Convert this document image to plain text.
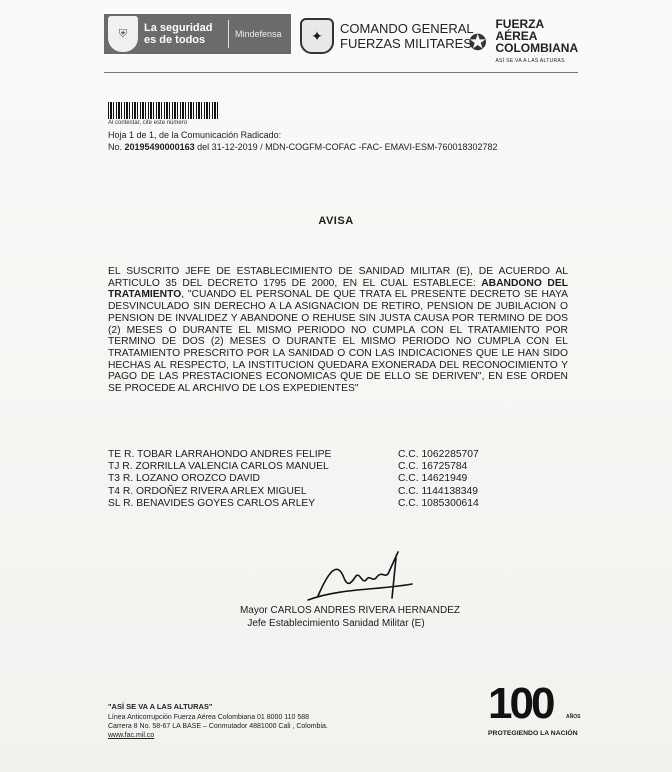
⛨	La seguridad
es de todos	Mindefensa	✦	COMANDO GENERAL
FUERZAS MILITARES
✪
FUERZA AÉREA
COLOMBIANA
ASÍ SE VA A LAS ALTURAS
Al contestar, cite este número
Hoja 1 de 1, de la Comunicación Radicado:
No. 20195490000163 del 31-12-2019 / MDN-COGFM-COFAC -FAC- EMAVI-ESM-760018302782
AVISA
EL SUSCRITO JEFE DE ESTABLECIMIENTO DE SANIDAD MILITAR (E), DE ACUERDO AL ARTICULO 35 DEL DECRETO 1795 DE 2000, EN EL CUAL ESTABLECE: ABANDONO DEL TRATAMIENTO, "CUANDO EL PERSONAL DE QUE TRATA EL PRESENTE DECRETO SE HAYA DESVINCULADO SIN DERECHO A LA ASIGNACION DE RETIRO, PENSION DE JUBILACION O PENSION DE INVALIDEZ Y ABANDONE O REHUSE SIN JUSTA CAUSA POR TERMINO DE DOS (2) MESES O DURANTE EL MISMO PERIODO NO CUMPLA CON EL TRATAMIENTO POR TERMINO DE DOS (2) MESES O DURANTE EL MISMO PERIODO NO CUMPLA CON EL TRATAMIENTO PRESCRITO POR LA SANIDAD O CON LAS INDICACIONES QUE LE HAN SIDO HECHAS AL RESPECTO, LA INSTITUCION QUEDARA EXONERADA DEL RECONOCIMIENTO Y PAGO DE LAS PRESTACIONES ECONOMICAS QUE DE ELLO SE DERIVEN", EN ESE ORDEN SE PROCEDE AL ARCHIVO DE LOS EXPEDIENTES"
TE R. TOBAR LARRAHONDO ANDRES FELIPE	C.C. 1062285707
TJ R. ZORRILLA VALENCIA CARLOS MANUEL	C.C. 16725784
T3 R. LOZANO OROZCO DAVID	C.C. 14621949
T4 R. ORDOÑEZ RIVERA ARLEX MIGUEL	C.C. 1144138349
SL R. BENAVIDES GOYES CARLOS ARLEY	C.C. 1085300614
Mayor CARLOS ANDRES RIVERA HERNANDEZ
Jefe Establecimiento Sanidad Militar (E)
"ASÍ SE VA A LAS ALTURAS"
Línea Anticorrupción Fuerza Aérea Colombiana 01 8000 110 588
Carrera 8 No. 58-67 LA BASE – Conmutador 4881000 Cali , Colombia.
www.fac.mil.co
100	AÑOS
PROTEGIENDO LA NACIÓN
